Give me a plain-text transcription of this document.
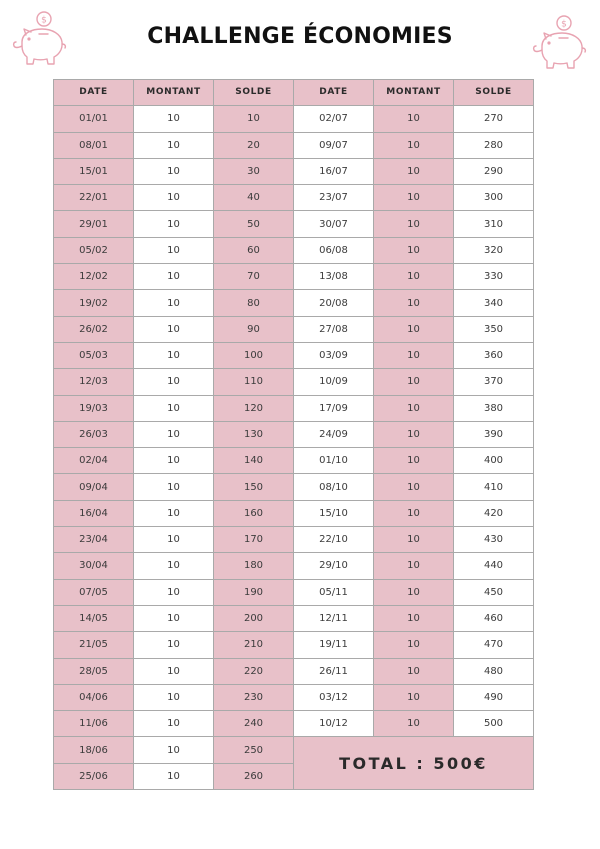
CHALLENGE ÉCONOMIES
$	$
DATE	MONTANT	SOLDE	DATE	MONTANT	SOLDE
01/01	10	10	02/07	10	270
08/01	10	20	09/07	10	280
15/01	10	30	16/07	10	290
22/01	10	40	23/07	10	300
29/01	10	50	30/07	10	310
05/02	10	60	06/08	10	320
12/02	10	70	13/08	10	330
19/02	10	80	20/08	10	340
26/02	10	90	27/08	10	350
05/03	10	100	03/09	10	360
12/03	10	110	10/09	10	370
19/03	10	120	17/09	10	380
26/03	10	130	24/09	10	390
02/04	10	140	01/10	10	400
09/04	10	150	08/10	10	410
16/04	10	160	15/10	10	420
23/04	10	170	22/10	10	430
30/04	10	180	29/10	10	440
07/05	10	190	05/11	10	450
14/05	10	200	12/11	10	460
21/05	10	210	19/11	10	470
28/05	10	220	26/11	10	480
04/06	10	230	03/12	10	490
11/06	10	240	10/12	10	500
18/06	10	250	TOTAL : 500€		
25/06	10	260			
